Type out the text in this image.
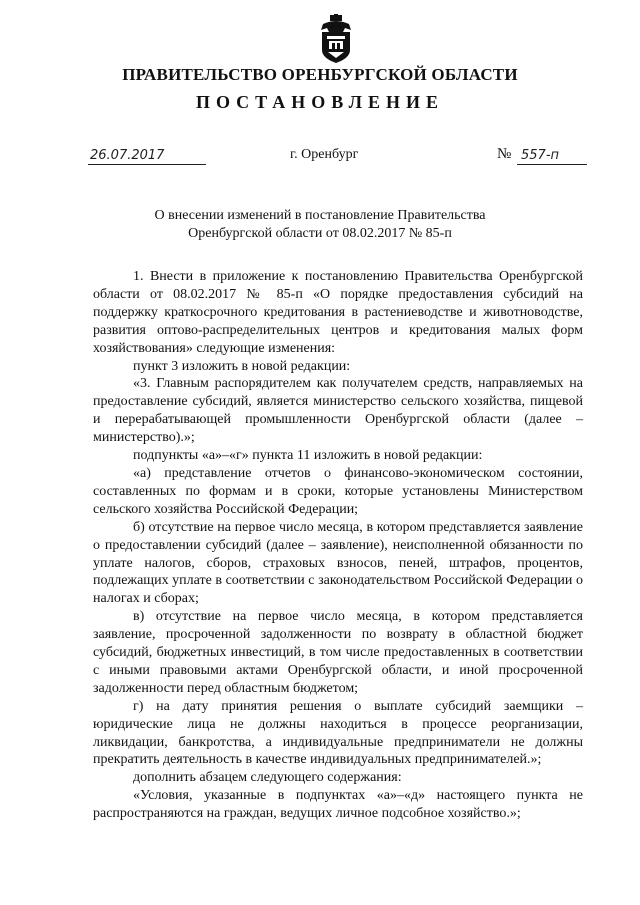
ПРАВИТЕЛЬСТВО ОРЕНБУРГСКОЙ ОБЛАСТИ
ПОСТАНОВЛЕНИЕ
26.07.2017	г. Оренбург	№ 557-п
О внесении изменений в постановление Правительства
Оренбургской области от 08.02.2017 № 85-п

1. Внести в приложение к постановлению Правительства Оренбургской области от 08.02.2017 № 85-п «О порядке предоставления субсидий на поддержку краткосрочного кредитования в растениеводстве и животноводстве, развития оптово-распределительных центров и кредитования малых форм хозяйствования» следующие изменения:

пункт 3 изложить в новой редакции:

«3. Главным распорядителем как получателем средств, направляемых на предоставление субсидий, является министерство сельского хозяйства, пищевой и перерабатывающей промышленности Оренбургской области (далее – министерство).»;

подпункты «а»–«г» пункта 11 изложить в новой редакции:

«а) представление отчетов о финансово-экономическом состоянии, составленных по формам и в сроки, которые установлены Министерством сельского хозяйства Российской Федерации;

б) отсутствие на первое число месяца, в котором представляется заявление о предоставлении субсидий (далее – заявление), неисполненной обязанности по уплате налогов, сборов, страховых взносов, пеней, штрафов, процентов, подлежащих уплате в соответствии с законодательством Российской Федерации о налогах и сборах;

в) отсутствие на первое число месяца, в котором представляется заявление, просроченной задолженности по возврату в областной бюджет субсидий, бюджетных инвестиций, в том числе предоставленных в соответствии с иными правовыми актами Оренбургской области, и иной просроченной задолженности перед областным бюджетом;

г) на дату принятия решения о выплате субсидий заемщики – юридические лица не должны находиться в процессе реорганизации, ликвидации, банкротства, а индивидуальные предприниматели не должны прекратить деятельность в качестве индивидуальных предпринимателей.»;

дополнить абзацем следующего содержания:

«Условия, указанные в подпунктах «а»–«д» настоящего пункта не распространяются на граждан, ведущих личное подсобное хозяйство.»;
